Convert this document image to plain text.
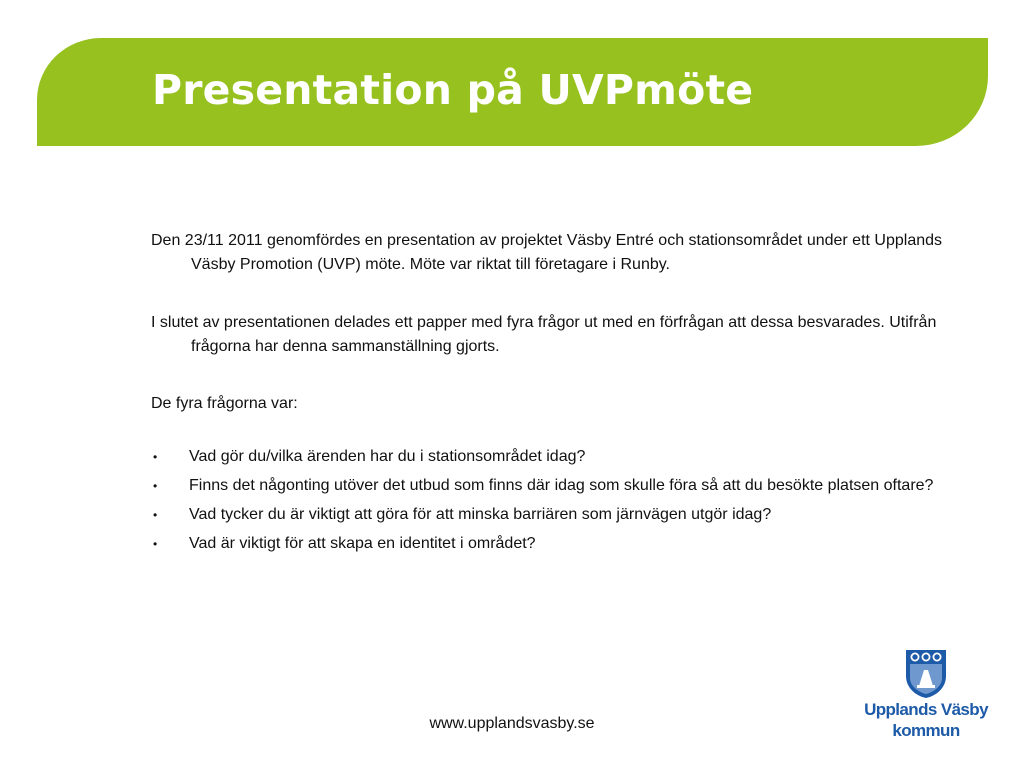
Presentation på UVPmöte

Den 23/11 2011 genomfördes en presentation av projektet Väsby Entré och stationsområdet under ett Upplands Väsby Promotion (UVP) möte. Möte var riktat till företagare i Runby.

I slutet av presentationen delades ett papper med fyra frågor ut med en förfrågan att dessa besvarades. Utifrån frågorna har denna sammanställning gjorts.

De fyra frågorna var:

• Vad gör du/vilka ärenden har du i stationsområdet idag?
• Finns det någonting utöver det utbud som finns där idag som skulle föra så att du besökte platsen oftare?
• Vad tycker du är viktigt att göra för att minska barriären som järnvägen utgör idag?
• Vad är viktigt för att skapa en identitet i området?
www.upplandsvasby.se
Upplands Väsby
kommun
